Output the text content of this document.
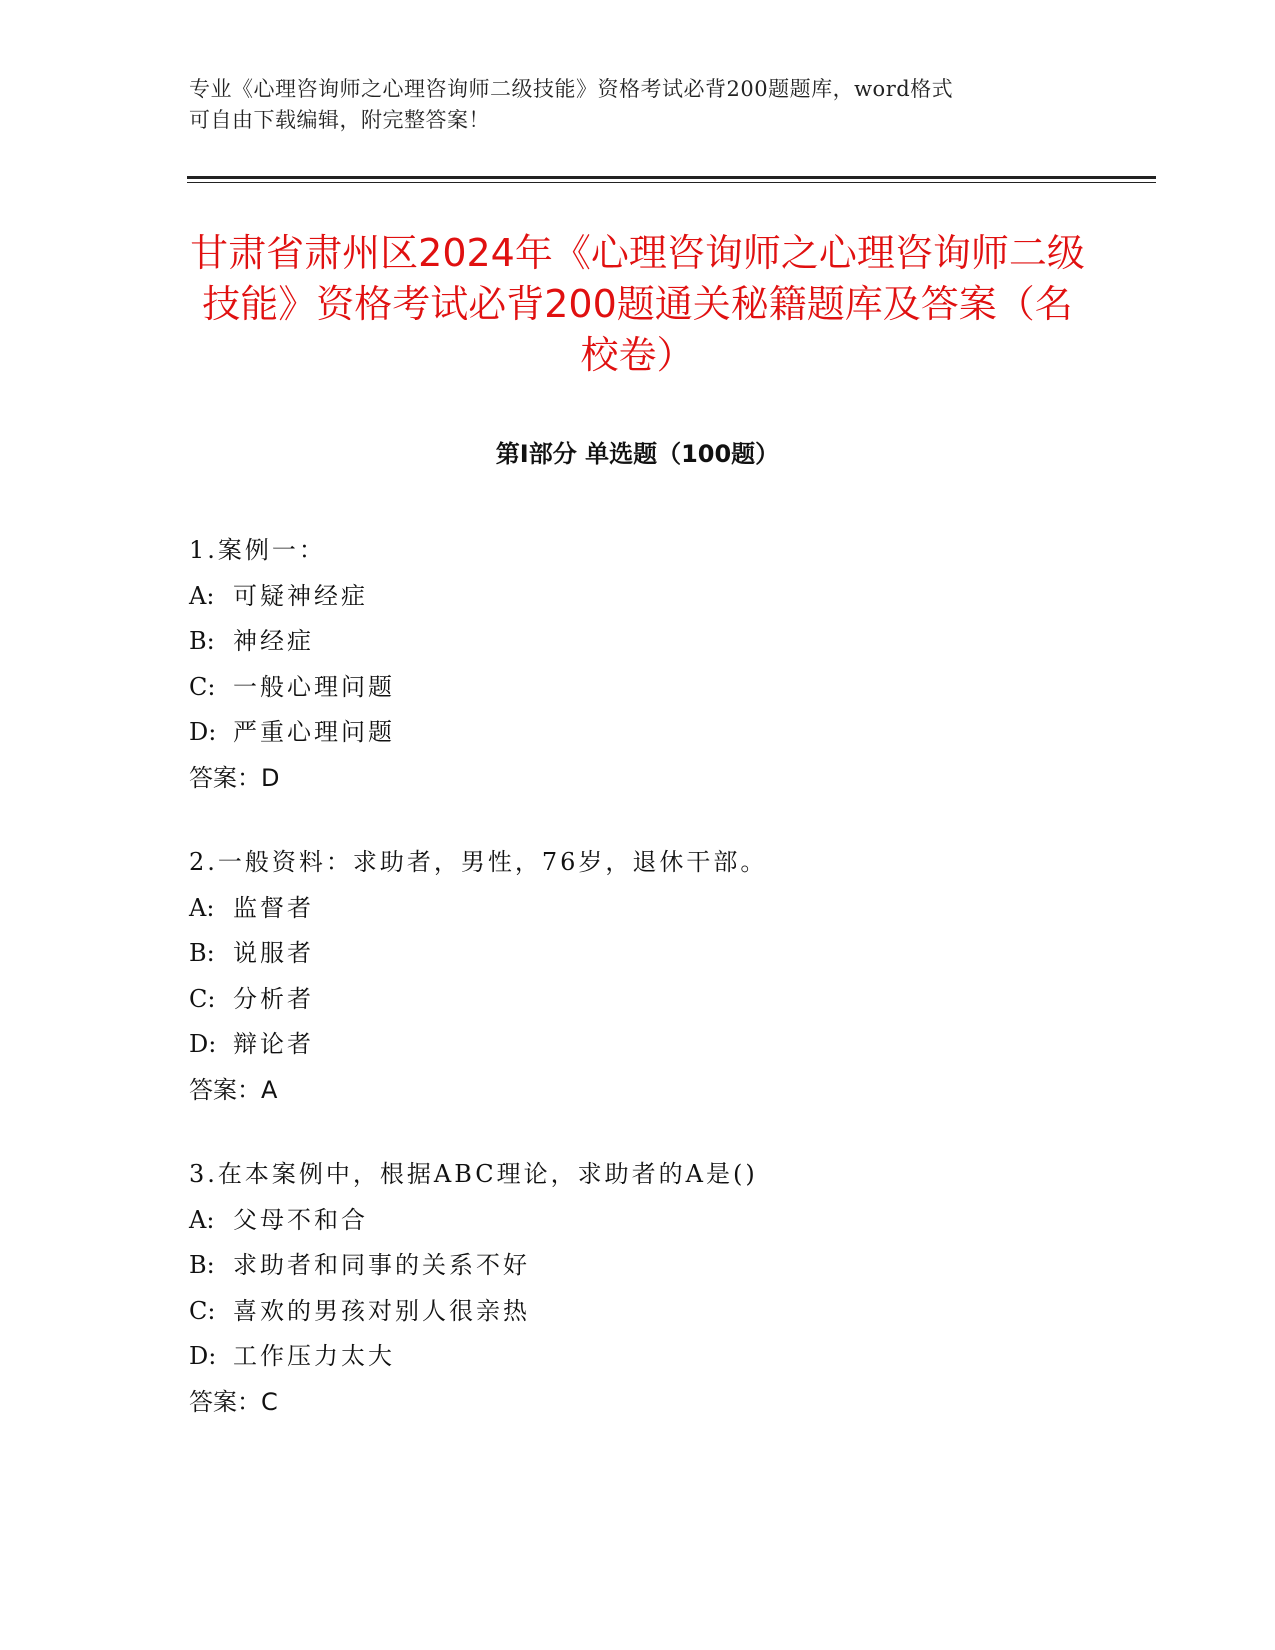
专业《心理咨询师之心理咨询师二级技能》资格考试必背200题题库，word格式

可自由下载编辑，附完整答案！

甘肃省肃州区2024年《心理咨询师之心理咨询师二级技能》资格考试必背200题通关秘籍题库及答案（名校卷）
第Ⅰ部分 单选题（100题）
1.案例一：
A: 可疑神经症
B: 神经症
C: 一般心理问题
D: 严重心理问题
答案：D
2.一般资料：求助者，男性，76岁，退休干部。
A: 监督者
B: 说服者
C: 分析者
D: 辩论者
答案：A
3.在本案例中，根据ABC理论，求助者的A是()
A: 父母不和合
B: 求助者和同事的关系不好
C: 喜欢的男孩对别人很亲热
D: 工作压力太大
答案：C
